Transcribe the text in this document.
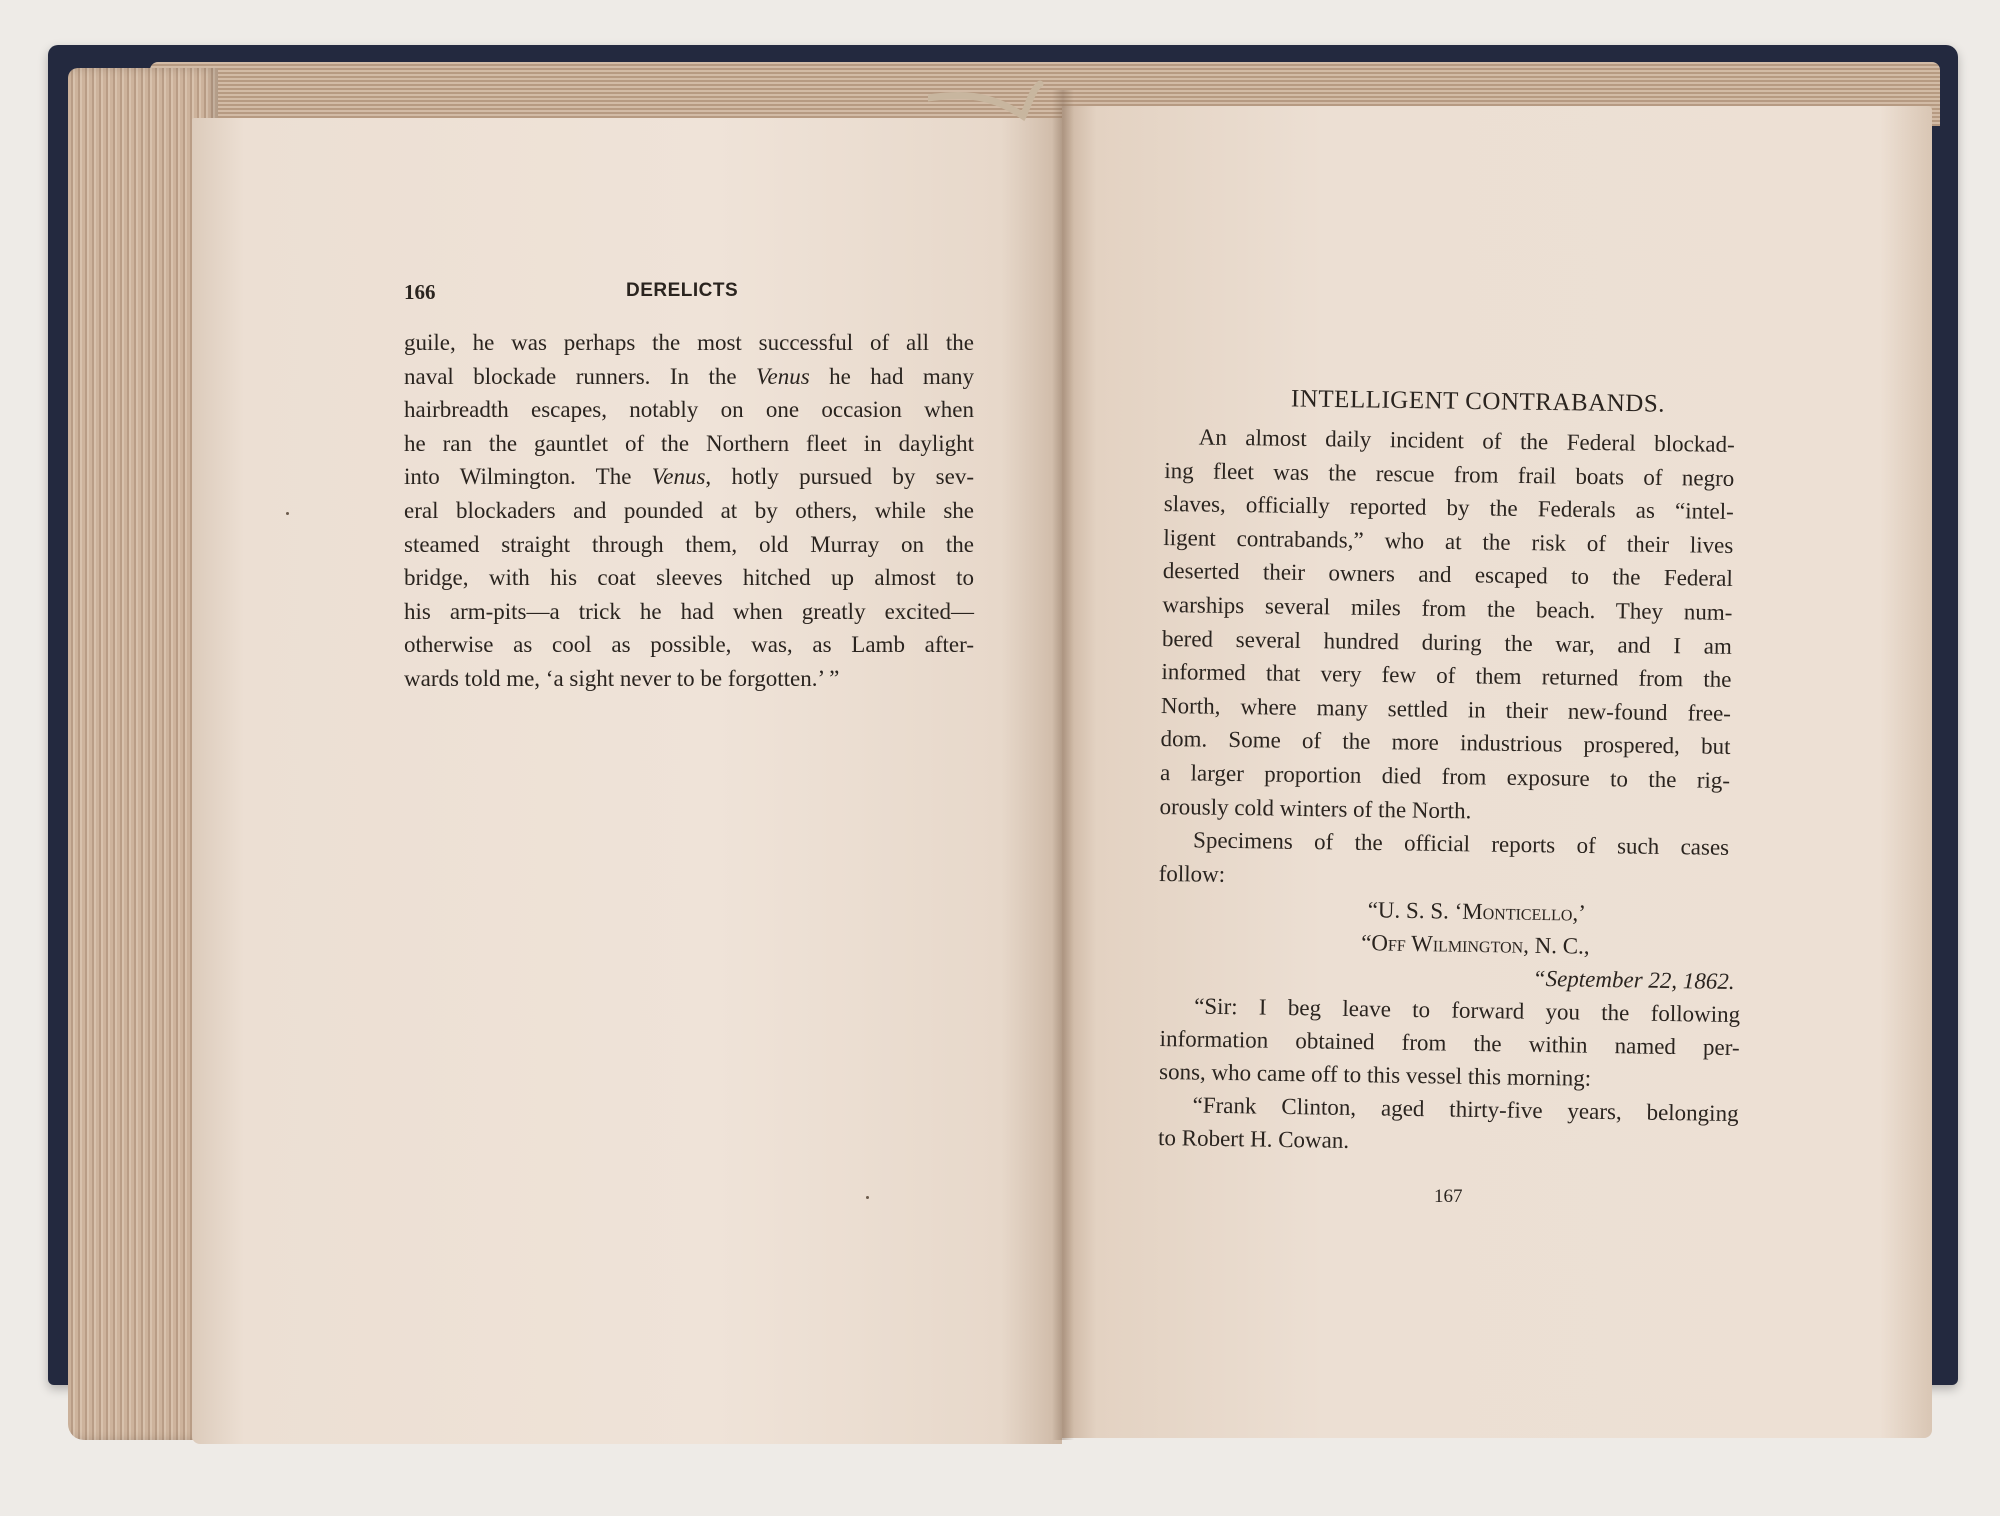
166	DERELICTS
guile, he was perhaps the most successful of all the
naval blockade runners. In the Venus he had many
hairbreadth escapes, notably on one occasion when
he ran the gauntlet of the Northern fleet in daylight
into Wilmington. The Venus, hotly pursued by sev-
eral blockaders and pounded at by others, while she
steamed straight through them, old Murray on the
bridge, with his coat sleeves hitched up almost to
his arm-pits—a trick he had when greatly excited—
otherwise as cool as possible, was, as Lamb after-
wards told me, ‘a sight never to be forgotten.’ ”
INTELLIGENT CONTRABANDS.
An almost daily incident of the Federal blockad-
ing fleet was the rescue from frail boats of negro
slaves, officially reported by the Federals as “intel-
ligent contrabands,” who at the risk of their lives
deserted their owners and escaped to the Federal
warships several miles from the beach. They num-
bered several hundred during the war, and I am
informed that very few of them returned from the
North, where many settled in their new-found free-
dom. Some of the more industrious prospered, but
a larger proportion died from exposure to the rig-
orously cold winters of the North.
Specimens of the official reports of such cases
follow:
“U. S. S. ‘Monticello,’
“Off Wilmington, N. C.,
“September 22, 1862.
“Sir: I beg leave to forward you the following
information obtained from the within named per-
sons, who came off to this vessel this morning:
“Frank Clinton, aged thirty-five years, belonging
to Robert H. Cowan.
167
